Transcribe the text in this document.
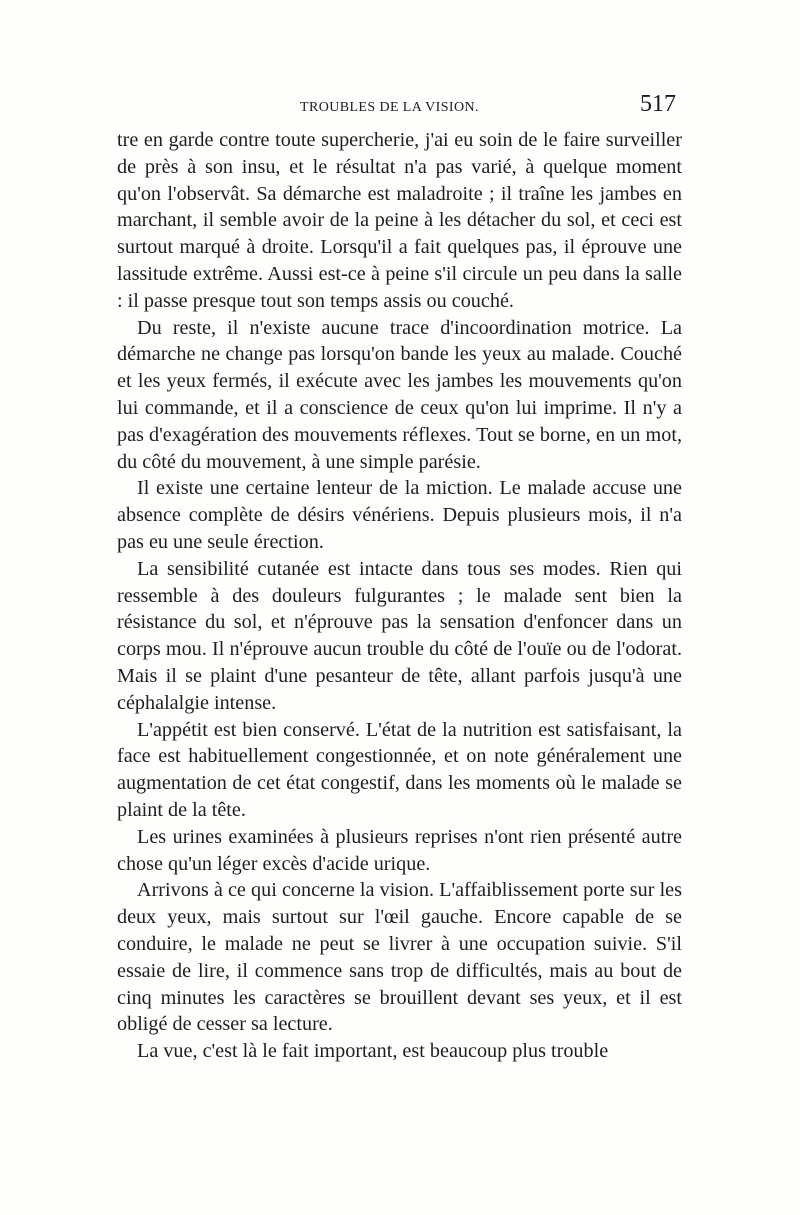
TROUBLES DE LA VISION.	517

tre en garde contre toute supercherie, j'ai eu soin de le faire surveiller de près à son insu, et le résultat n'a pas varié, à quelque moment qu'on l'observât. Sa démarche est maladroite ; il traîne les jambes en marchant, il semble avoir de la peine à les détacher du sol, et ceci est surtout marqué à droite. Lorsqu'il a fait quelques pas, il éprouve une lassitude extrême. Aussi est-ce à peine s'il circule un peu dans la salle : il passe presque tout son temps assis ou couché.

Du reste, il n'existe aucune trace d'incoordination motrice. La démarche ne change pas lorsqu'on bande les yeux au malade. Couché et les yeux fermés, il exécute avec les jambes les mouvements qu'on lui commande, et il a conscience de ceux qu'on lui imprime. Il n'y a pas d'exagération des mouvements réflexes. Tout se borne, en un mot, du côté du mouvement, à une simple parésie.

Il existe une certaine lenteur de la miction. Le malade accuse une absence complète de désirs vénériens. Depuis plusieurs mois, il n'a pas eu une seule érection.

La sensibilité cutanée est intacte dans tous ses modes. Rien qui ressemble à des douleurs fulgurantes ; le malade sent bien la résistance du sol, et n'éprouve pas la sensation d'enfoncer dans un corps mou. Il n'éprouve aucun trouble du côté de l'ouïe ou de l'odorat. Mais il se plaint d'une pesanteur de tête, allant parfois jusqu'à une céphalalgie intense.

L'appétit est bien conservé. L'état de la nutrition est satisfaisant, la face est habituellement congestionnée, et on note généralement une augmentation de cet état congestif, dans les moments où le malade se plaint de la tête.

Les urines examinées à plusieurs reprises n'ont rien présenté autre chose qu'un léger excès d'acide urique.

Arrivons à ce qui concerne la vision. L'affaiblissement porte sur les deux yeux, mais surtout sur l'œil gauche. Encore capable de se conduire, le malade ne peut se livrer à une occupation suivie. S'il essaie de lire, il commence sans trop de difficultés, mais au bout de cinq minutes les caractères se brouillent devant ses yeux, et il est obligé de cesser sa lecture.

La vue, c'est là le fait important, est beaucoup plus trouble
